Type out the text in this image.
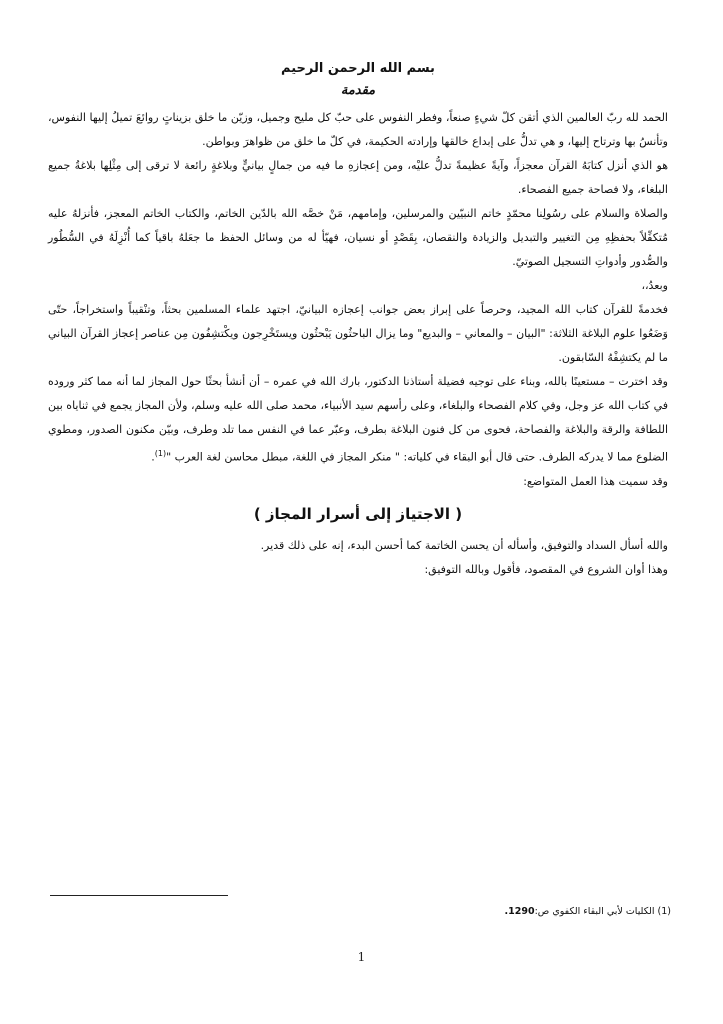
بسم الله الرحمن الرحيم

مقدمة

الحمد لله ربّ العالمين الذي أتقن كلّ شيءٍ صنعاً، وفطر النفوس على حبّ كل مليح وجميل، وزيّن ما خلق بزيناتٍ روائعَ تميلُ إليها النفوس، وتأنسُ بها وترتاح إليها، و هي تدلُّ على إبداع خالقها وإرادته الحكيمة، في كلّ ما خلق من ظواهرَ وبواطن.

هو الذي أنزل كتابَهُ القرآن معجزاً، وآيةً عظيمةً تدلُّ عليْه، ومن إعجازهِ ما فيه من جمالٍ بيانيٍّ وبلاغةٍ رائعة لا ترقى إلى مِثْلِها بلاغةُ جميع البلغاء، ولا فصاحة جميع الفصحاء.

والصلاة والسلام على رسُولِنا محمّدٍ خاتم النبيّين والمرسلين، وإمامهم، مَنْ خصَّه الله بالدّين الخاتم، والكتاب الخاتم المعجز، فأنزلهُ عليه مُتكفِّلاً بحفظِهِ مِن التغيير والتبديل والزيادة والنقصان، بِقَصْدٍ أو نسيان، فهيّأ له من وسائل الحفظ ما جعَلهُ باقياً كما أُنْزِلَهُ في السُّطُور والصُّدور وأدواتِ التسجيل الصوتيّ.

وبعدُ،،

فخدمةً للقرآن كتاب الله المجيد، وحرصاً على إبراز بعض جوانب إعجازه البيانيّ، اجتهد علماء المسلمين بحثاً، وتنْقيباً واستخراجاً، حتّى وَضَعُوا علوم البلاغة الثلاثة: "البيان – والمعاني – والبديع" وما يزال الباحثُون يَبْحثُون ويستَخْرِجون ويكْتشِفُون مِن عناصر إعجاز القرآن البياني ما لم يكتشِفْهُ السّابقون.

وقد اخترت – مستعينًا بالله، وبناء على توجيه فضيلة أستاذنا الدكتور، بارك الله في عمره – أن أنشأ بحثًا حول المجاز لما أنه مما كثر وروده في كتاب الله عز وجل، وفي كلام الفصحاء والبلغاء، وعلى رأسهم سيد الأنبياء، محمد صلى الله عليه وسلم، ولأن المجاز يجمع في ثناياه بين اللطافة والرقة والبلاغة والفصاحة، فحوى من كل فنون البلاغة بطرف، وعبّر عما في النفس مما تلد وطرف، وبيّن مكنون الصدور، ومطوي الضلوع مما لا يدركه الطرف. حتى قال أبو البقاء في كلياته: " منكر المجاز في اللغة، مبطل محاسن لغة العرب "$^{(1)}$.

وقد سميت هذا العمل المتواضع:

( الاجتياز إلى أسرار المجاز )

والله أسأل السداد والتوفيق، وأسأله أن يحسن الخاتمة كما أحسن البدء، إنه على ذلك قدير.

وهذا أوان الشروع في المقصود، فأقول وبالله التوفيق:

(1) الكليات لأبي البقاء الكفوي ص:1290.
1
